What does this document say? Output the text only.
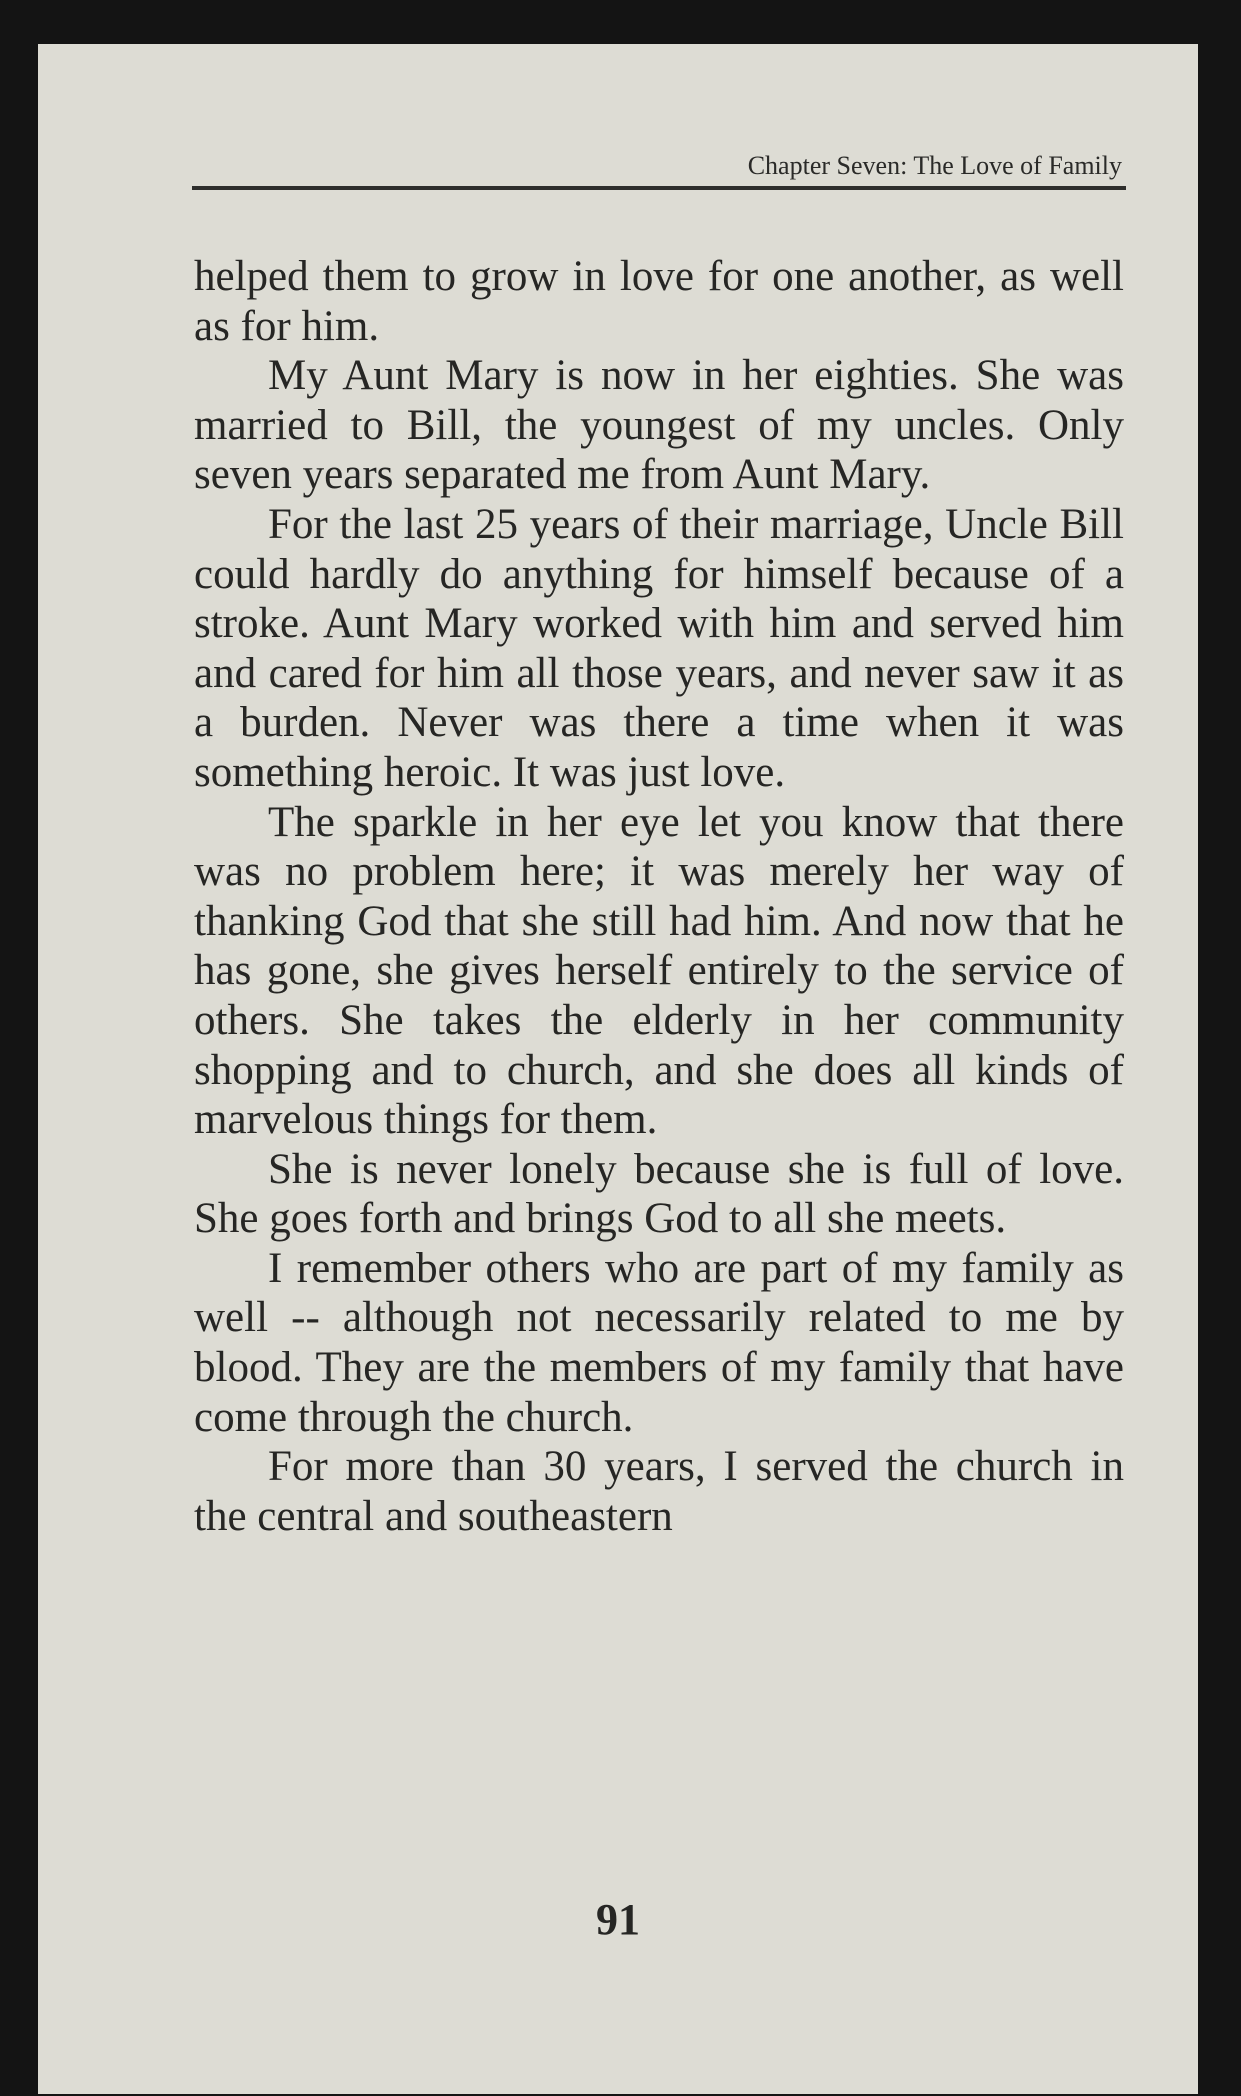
Chapter Seven: The Love of Family

helped them to grow in love for one another, as well as for him.

My Aunt Mary is now in her eighties. She was married to Bill, the youngest of my uncles. Only seven years separated me from Aunt Mary.

For the last 25 years of their marriage, Uncle Bill could hardly do anything for himself because of a stroke. Aunt Mary worked with him and served him and cared for him all those years, and never saw it as a burden. Never was there a time when it was something heroic. It was just love.

The sparkle in her eye let you know that there was no problem here; it was merely her way of thanking God that she still had him. And now that he has gone, she gives herself entirely to the service of others. She takes the elderly in her community shopping and to church, and she does all kinds of marvelous things for them.

She is never lonely because she is full of love. She goes forth and brings God to all she meets.

I remember others who are part of my family as well -- although not necessarily related to me by blood. They are the members of my family that have come through the church.

For more than 30 years, I served the church in the central and southeastern

91
